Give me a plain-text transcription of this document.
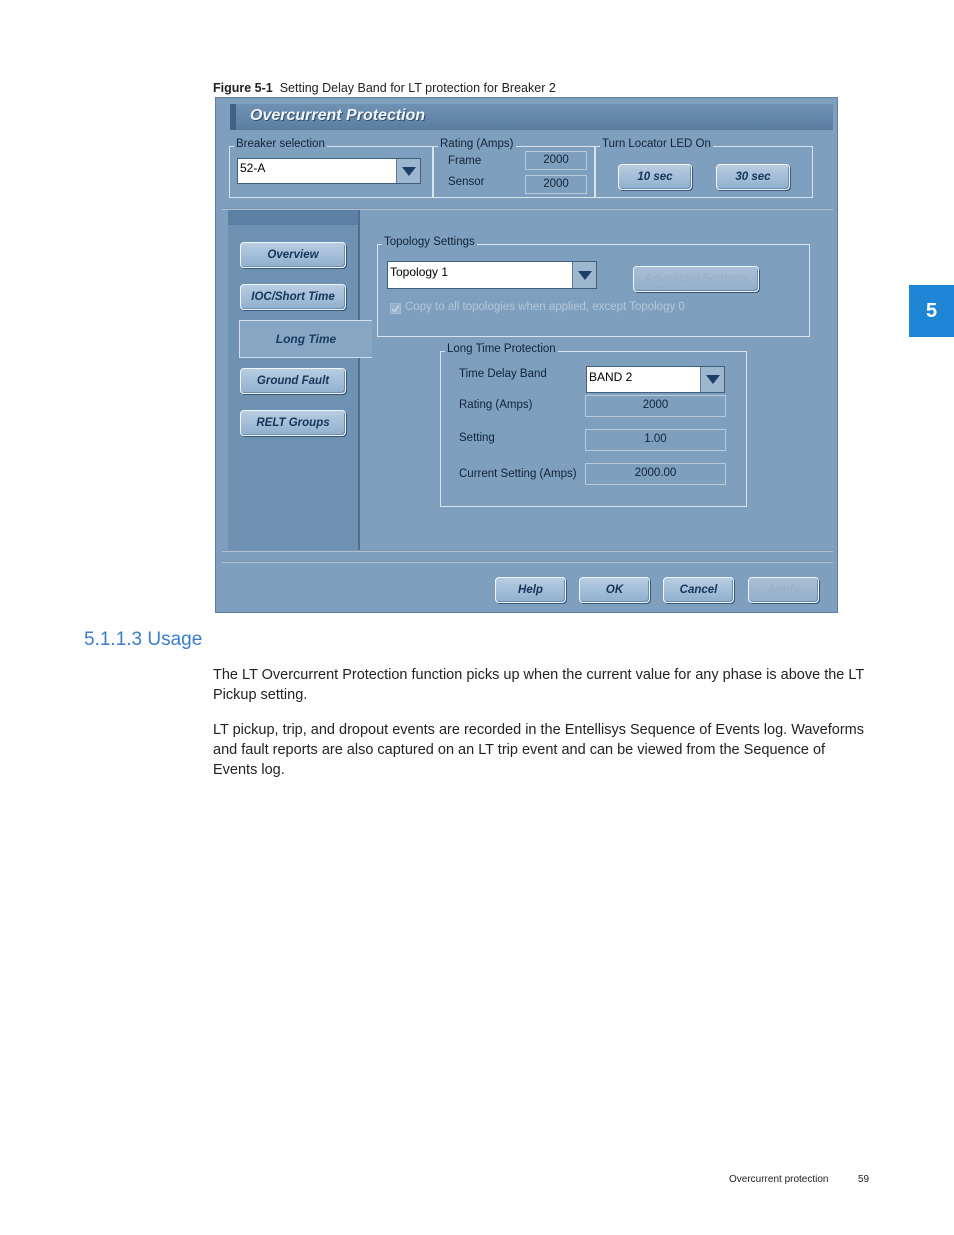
Figure 5-1 Setting Delay Band for LT protection for Breaker 2
Overcurrent Protection
Breaker selection
52-A
Rating (Amps)
Frame	2000
Sensor	2000
Turn Locator LED On
10 sec	30 sec
Overview
IOC/Short Time
Long Time
Ground Fault
RELT Groups
Topology Settings
Topology 1	Advanced Settings
Copy to all topologies when applied, except Topology 0
Long Time Protection
Time Delay Band	BAND 2
Rating (Amps)	2000
Setting	1.00
Current Setting (Amps)	2000.00
Help	OK	Cancel	Apply
5.1.1.3 Usage
The LT Overcurrent Protection function picks up when the current value for any phase is above the LT Pickup setting.
LT pickup, trip, and dropout events are recorded in the Entellisys Sequence of Events log. Waveforms and fault reports are also captured on an LT trip event and can be viewed from the Sequence of Events log.
5
Overcurrent protection	59
